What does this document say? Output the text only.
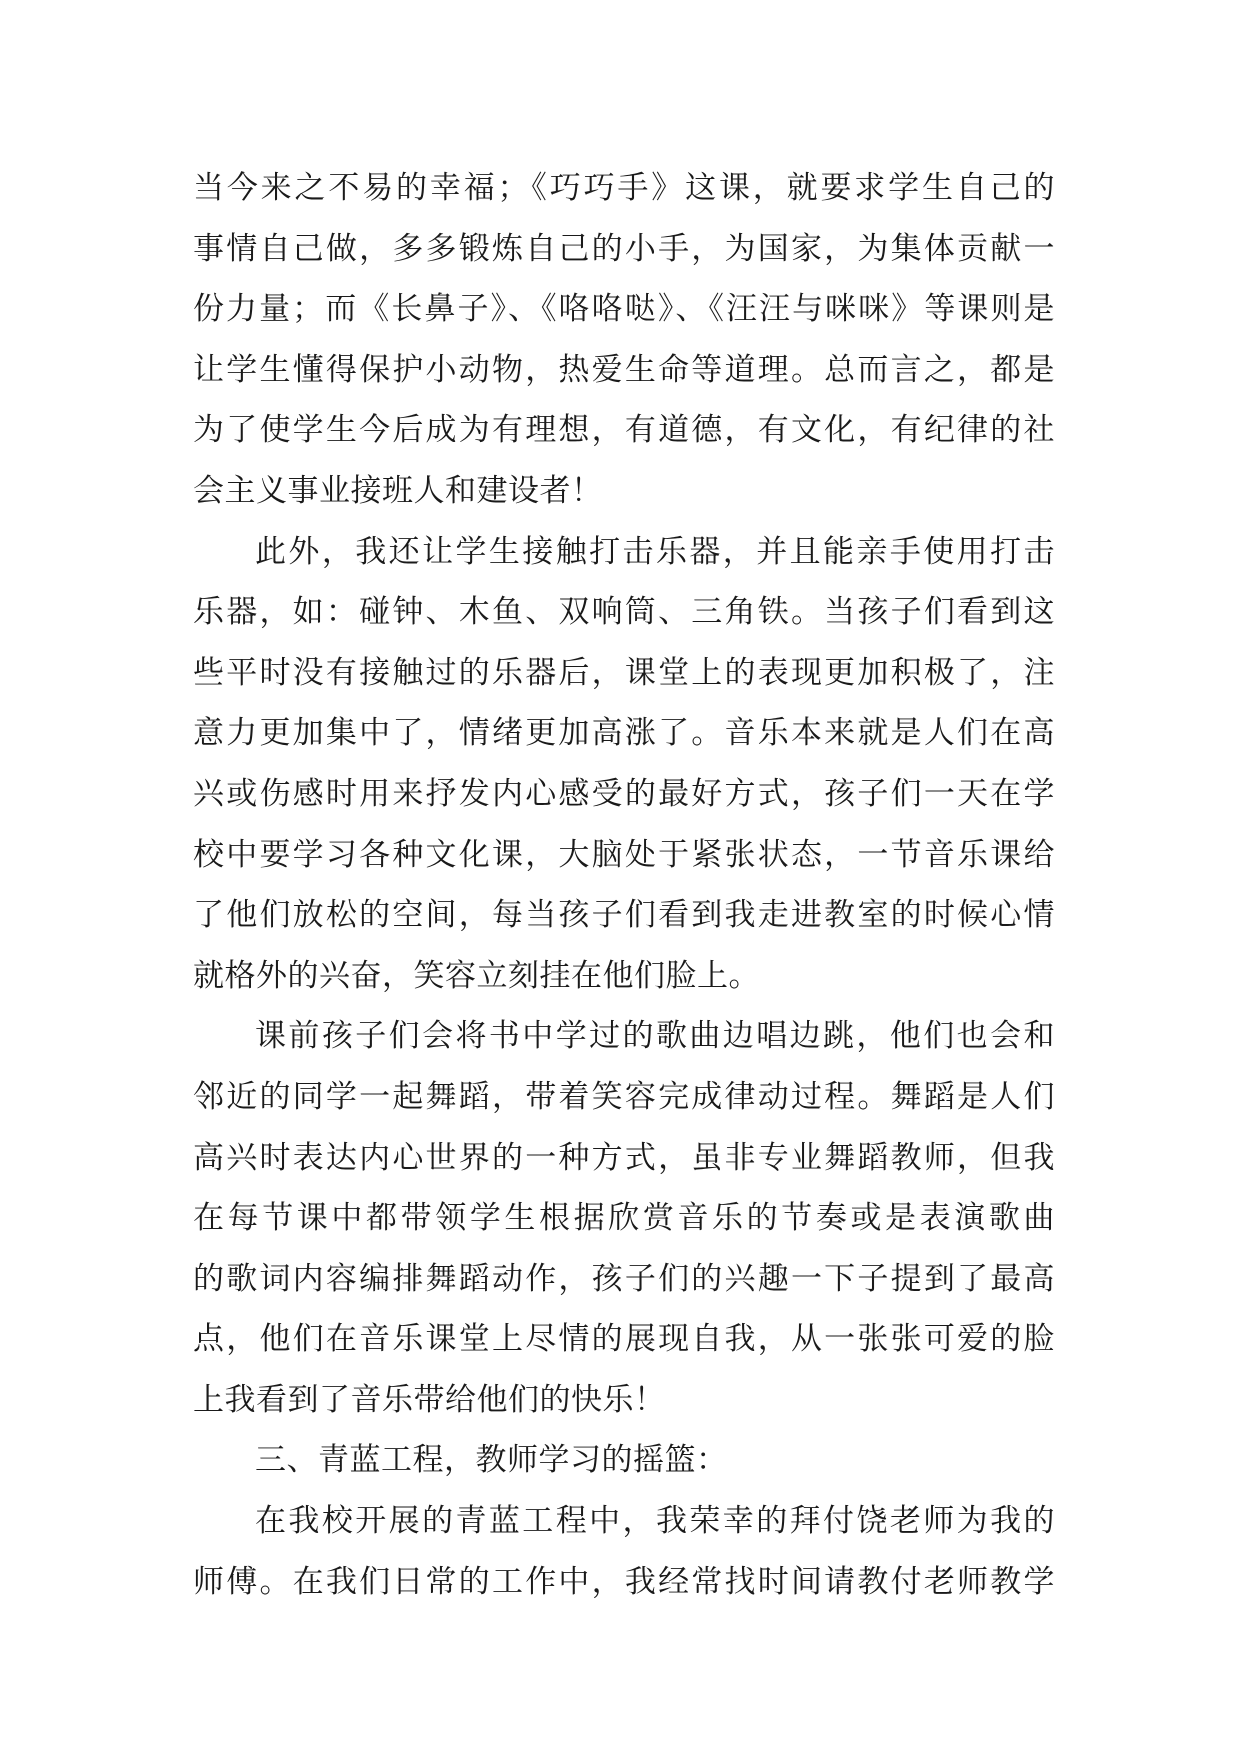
当今来之不易的幸福；《巧巧手》这课，就要求学生自己的
事情自己做，多多锻炼自己的小手，为国家，为集体贡献一
份力量；而《长鼻子》、《咯咯哒》、《汪汪与咪咪》等课则是
让学生懂得保护小动物，热爱生命等道理。总而言之，都是
为了使学生今后成为有理想，有道德，有文化，有纪律的社
会主义事业接班人和建设者！
此外，我还让学生接触打击乐器，并且能亲手使用打击
乐器，如：碰钟、木鱼、双响筒、三角铁。当孩子们看到这
些平时没有接触过的乐器后，课堂上的表现更加积极了，注
意力更加集中了，情绪更加高涨了。音乐本来就是人们在高
兴或伤感时用来抒发内心感受的最好方式，孩子们一天在学
校中要学习各种文化课，大脑处于紧张状态，一节音乐课给
了他们放松的空间，每当孩子们看到我走进教室的时候心情
就格外的兴奋，笑容立刻挂在他们脸上。
课前孩子们会将书中学过的歌曲边唱边跳，他们也会和
邻近的同学一起舞蹈，带着笑容完成律动过程。舞蹈是人们
高兴时表达内心世界的一种方式，虽非专业舞蹈教师，但我
在每节课中都带领学生根据欣赏音乐的节奏或是表演歌曲
的歌词内容编排舞蹈动作，孩子们的兴趣一下子提到了最高
点，他们在音乐课堂上尽情的展现自我，从一张张可爱的脸
上我看到了音乐带给他们的快乐！
三、青蓝工程，教师学习的摇篮：
在我校开展的青蓝工程中，我荣幸的拜付饶老师为我的
师傅。在我们日常的工作中，我经常找时间请教付老师教学
